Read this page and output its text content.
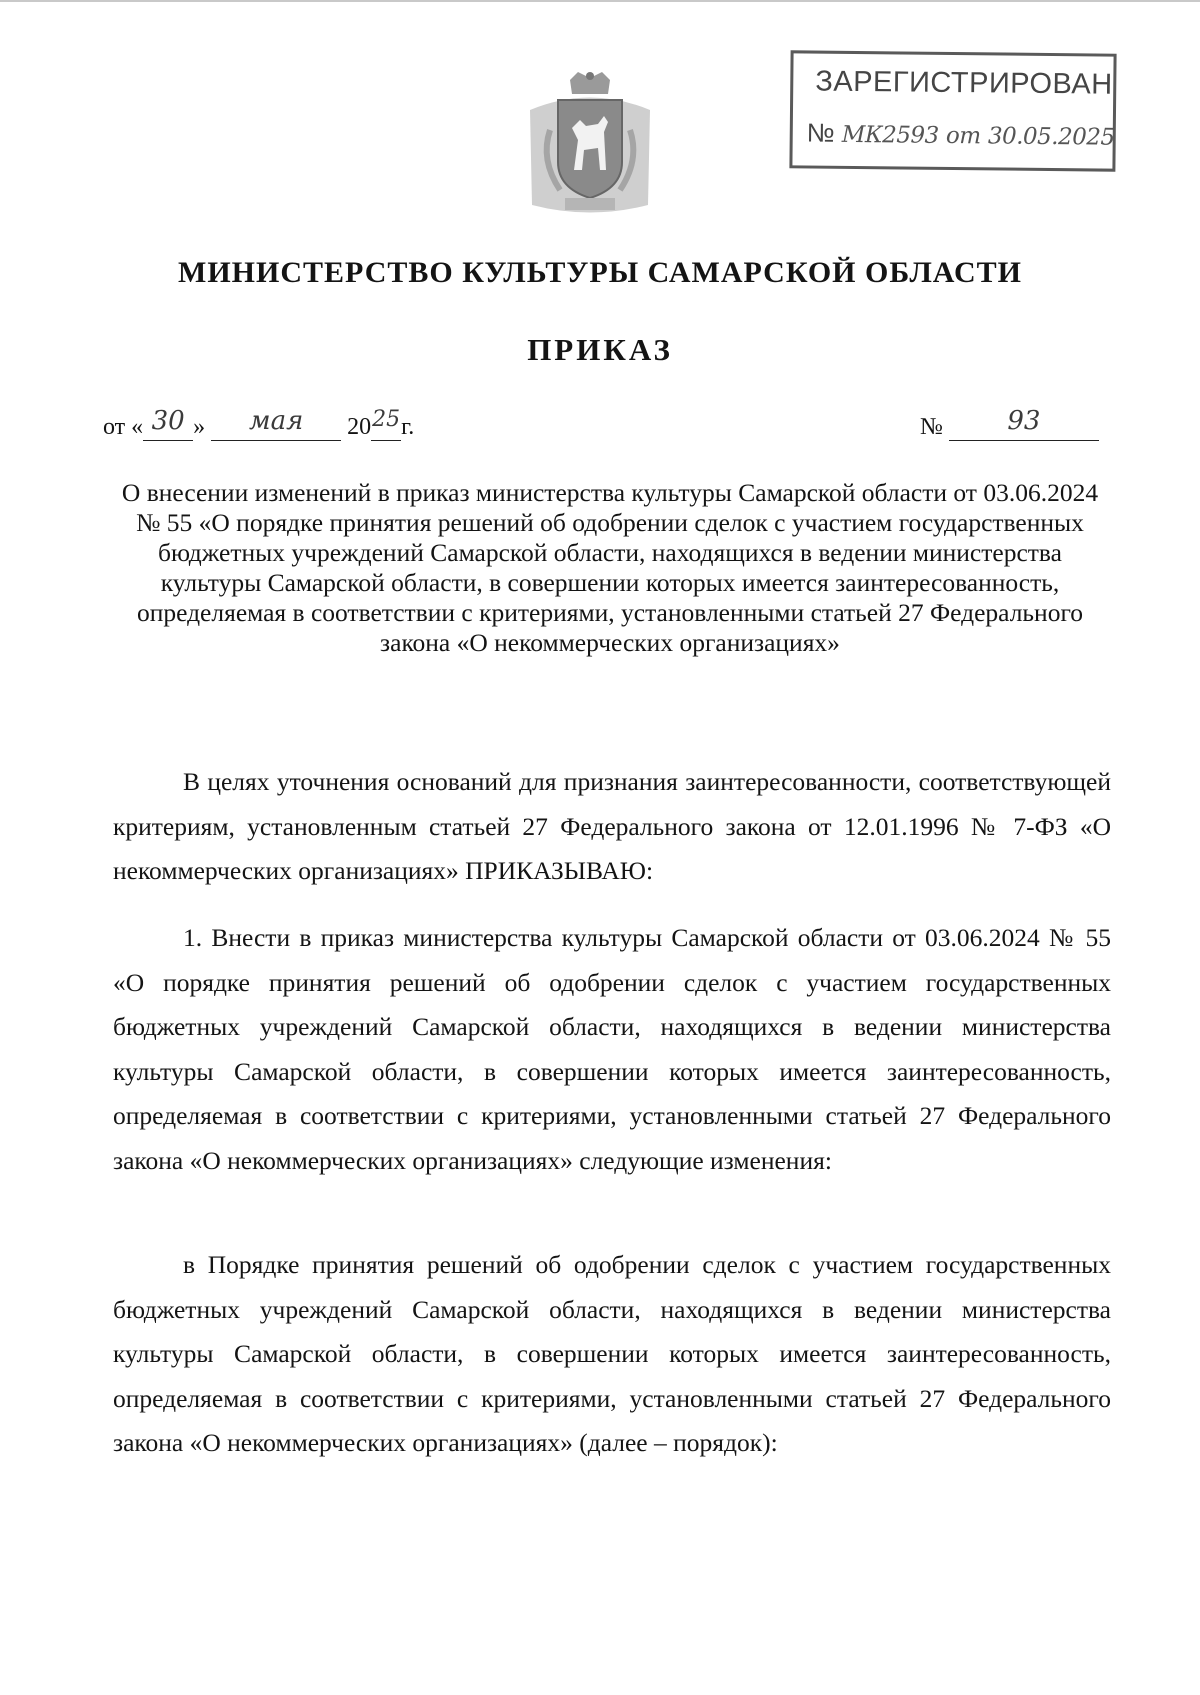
ЗАРЕГИСТРИРОВАН
№ МК2593 от 30.05.2025
МИНИСТЕРСТВО КУЛЬТУРЫ САМАРСКОЙ ОБЛАСТИ
ПРИКАЗ
от « 30 » мая 2025г.	№ 93
О внесении изменений в приказ министерства культуры Самарской области от 03.06.2024 № 55 «О порядке принятия решений об одобрении сделок с участием государственных бюджетных учреждений Самарской области, находящихся в ведении министерства культуры Самарской области, в совершении которых имеется заинтересованность, определяемая в соответствии с критериями, установленными статьей 27 Федерального закона «О некоммерческих организациях»

В целях уточнения оснований для признания заинтересованности, соответствующей критериям, установленным статьей 27 Федерального закона от 12.01.1996 № 7-ФЗ «О некоммерческих организациях» ПРИКАЗЫВАЮ:

1. Внести в приказ министерства культуры Самарской области от 03.06.2024 № 55 «О порядке принятия решений об одобрении сделок с участием государственных бюджетных учреждений Самарской области, находящихся в ведении министерства культуры Самарской области, в совершении которых имеется заинтересованность, определяемая в соответствии с критериями, установленными статьей 27 Федерального закона «О некоммерческих организациях» следующие изменения:

в Порядке принятия решений об одобрении сделок с участием государственных бюджетных учреждений Самарской области, находящихся в ведении министерства культуры Самарской области, в совершении которых имеется заинтересованность, определяемая в соответствии с критериями, установленными статьей 27 Федерального закона «О некоммерческих организациях» (далее – порядок):
